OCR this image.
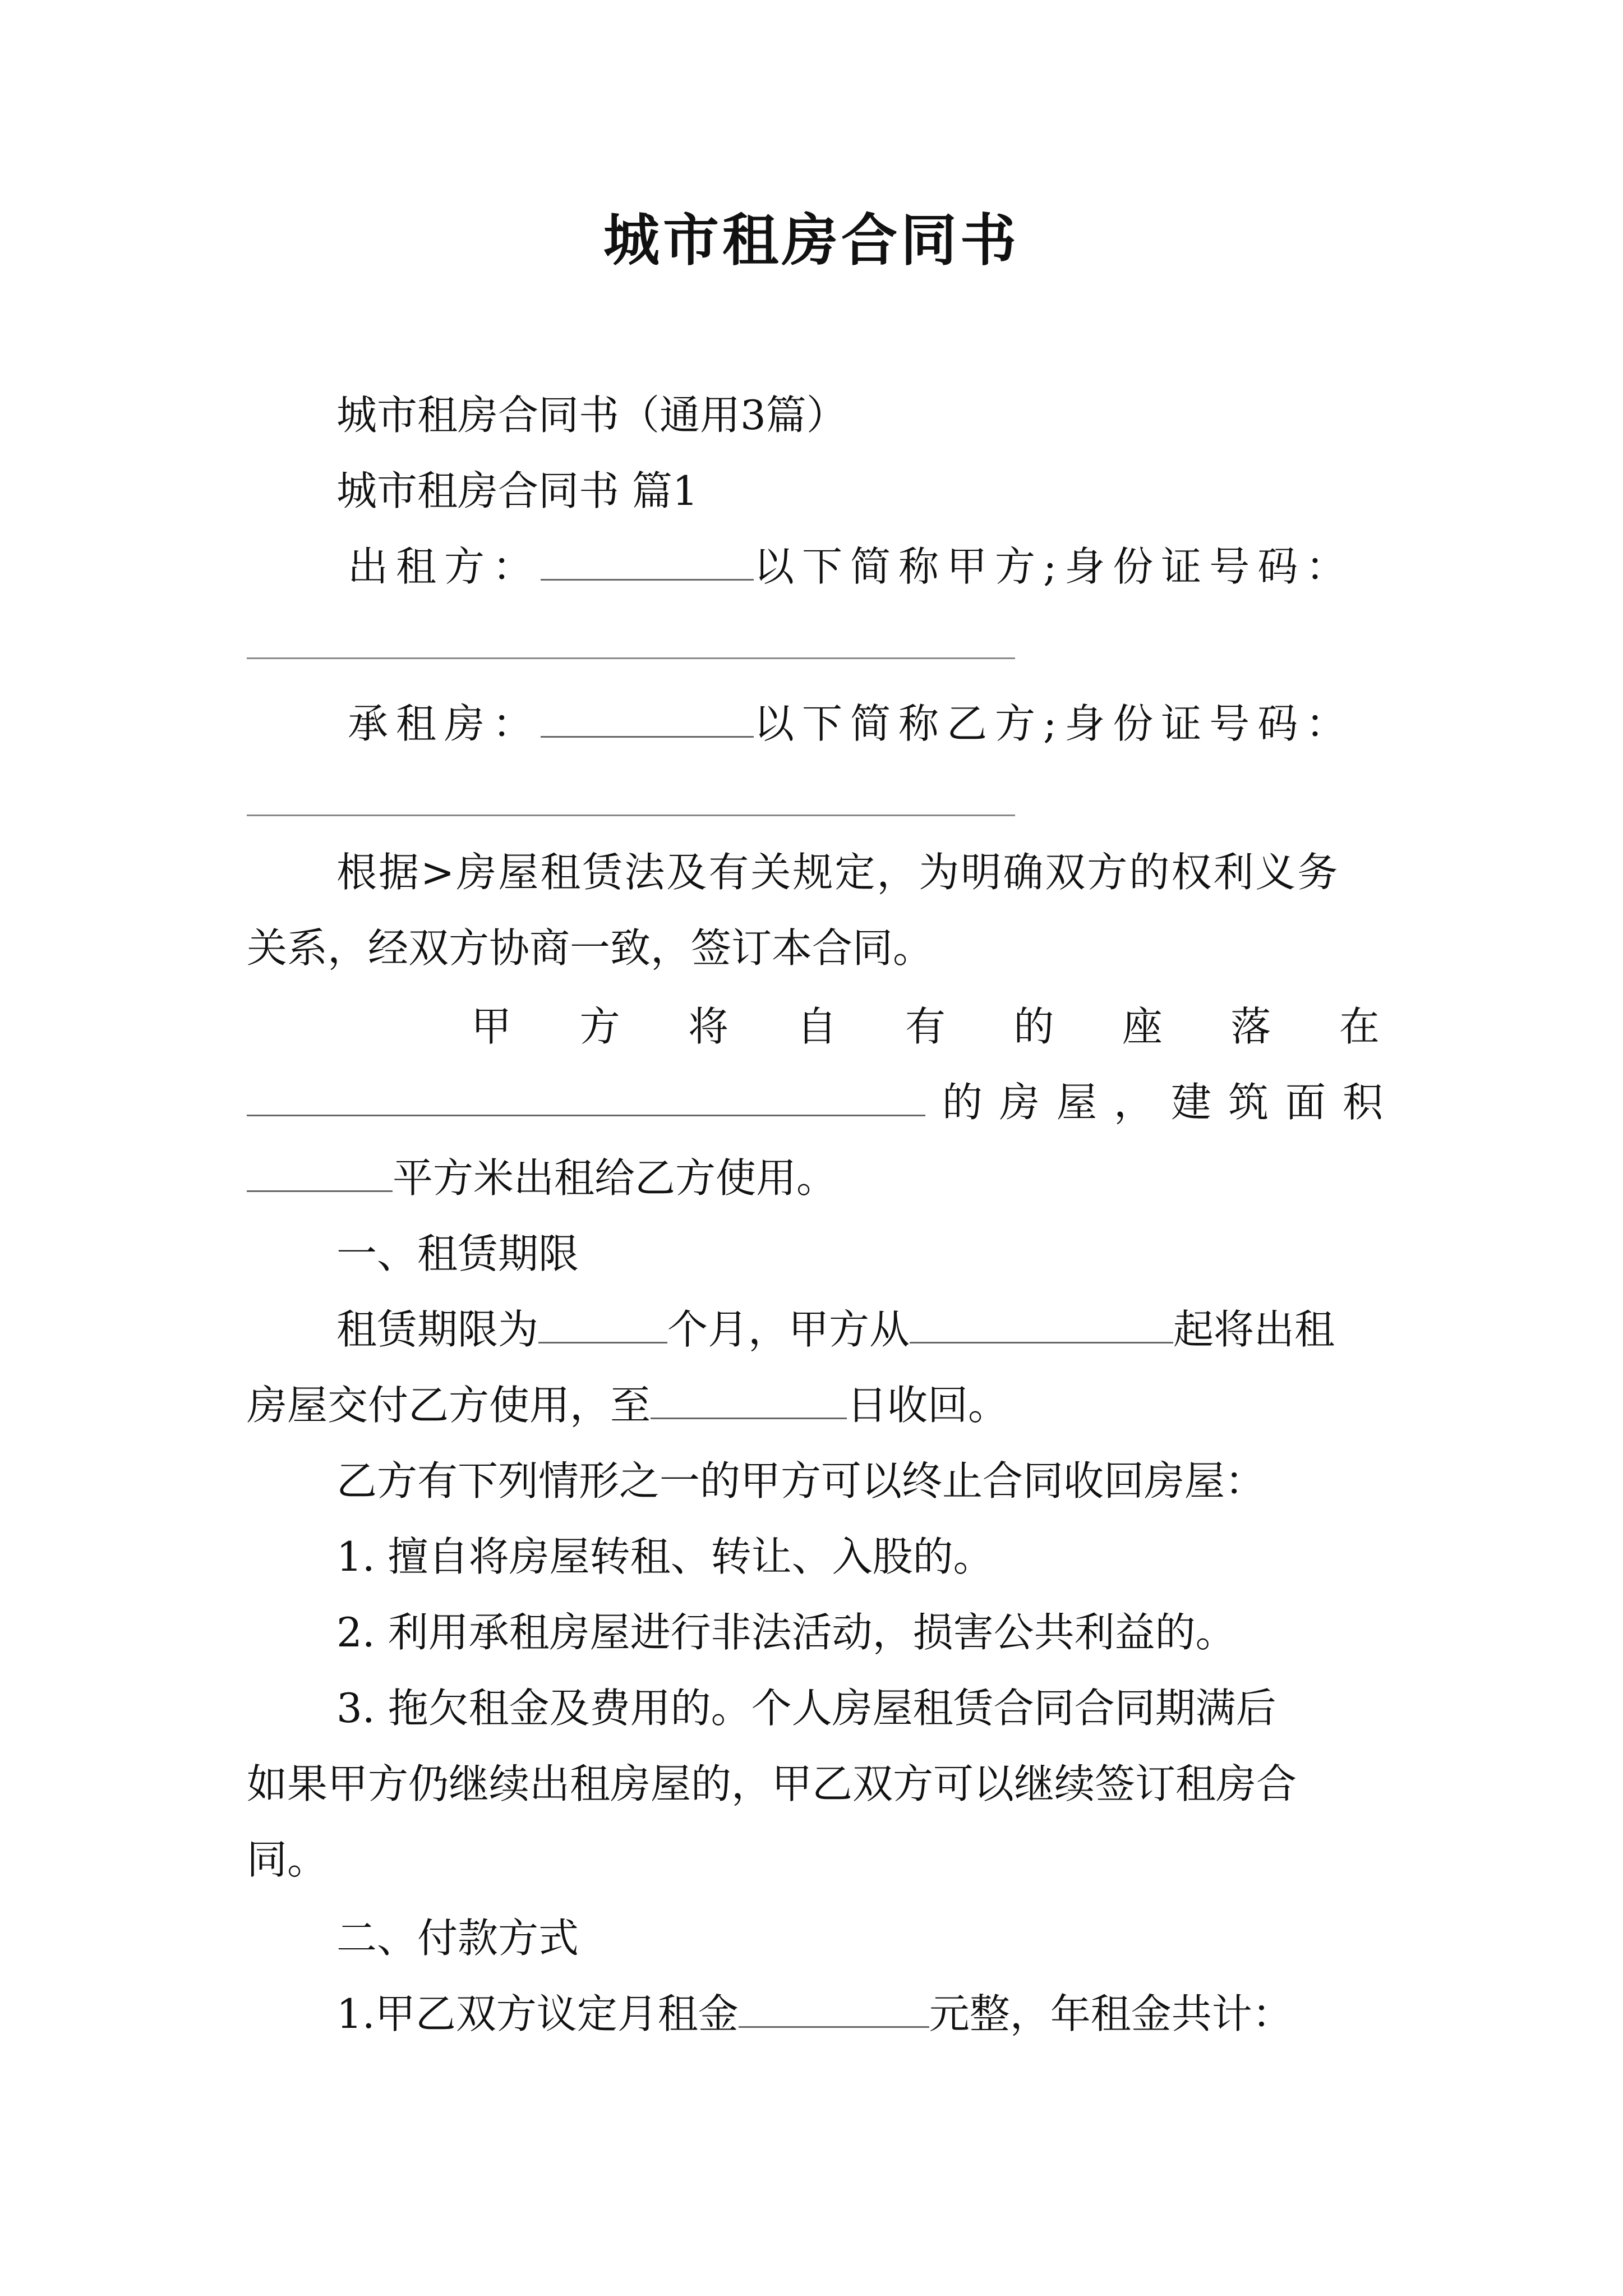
城市租房合同书
城市租房合同书（通用3篇）
城市租房合同书 篇1
出租方：	以下简称甲方;身份证号码：
承租房：	以下简称乙方;身份证号码：
根据>房屋租赁法及有关规定，为明确双方的权利义务
关系，经双方协商一致，签订本合同。
甲 方 将 自 有 的 座 落 在
的房屋，建筑面积
平方米出租给乙方使用。
一、租赁期限
租赁期限为	个月，甲方从	起将出租
房屋交付乙方使用，至	日收回。
乙方有下列情形之一的甲方可以终止合同收回房屋：
1. 擅自将房屋转租、转让、入股的。
2. 利用承租房屋进行非法活动，损害公共利益的。
3. 拖欠租金及费用的。个人房屋租赁合同合同期满后
如果甲方仍继续出租房屋的，甲乙双方可以继续签订租房合
同。
二、付款方式
1.甲乙双方议定月租金	元整，年租金共计：
